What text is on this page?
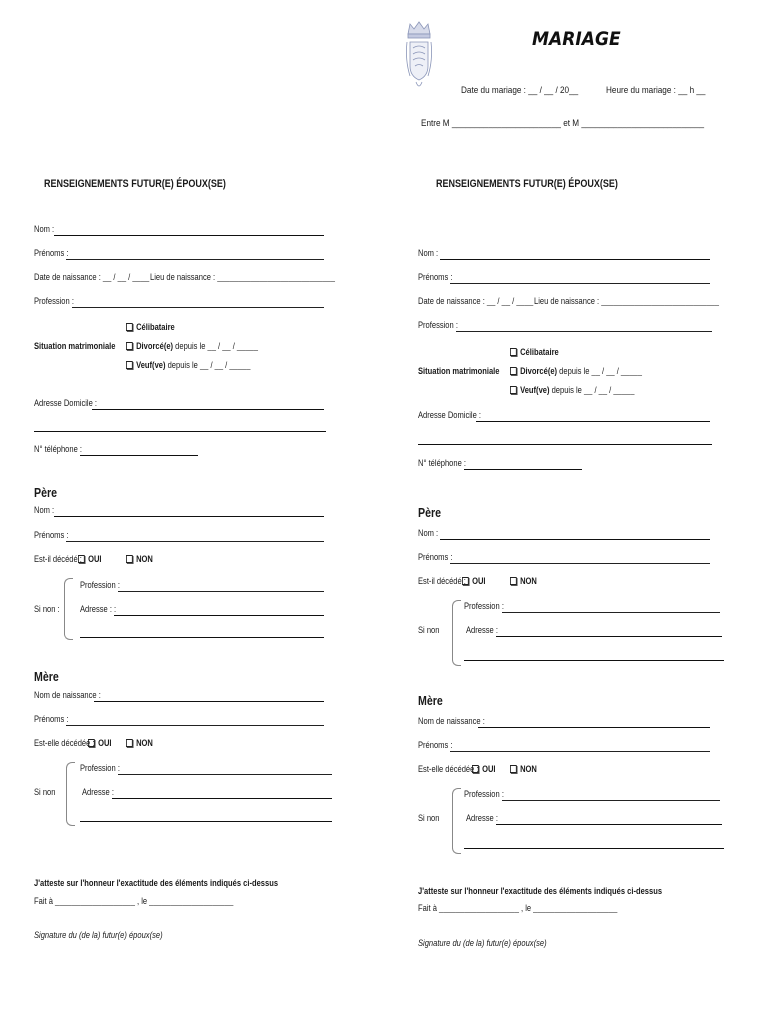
MARIAGE
Date du mariage : __ / __ / 20__	Heure du mariage : __ h __
Entre M ________________________ et M ___________________________
RENSEIGNEMENTS FUTUR(E) ÉPOUX(SE)
Nom :
Prénoms :
Date de naissance : __ / __ / ____ Lieu de naissance : ____________________________
Profession :
Situation matrimoniale
Célibataire
Divorcé(e) depuis le __ / __ / _____
Veuf(ve) depuis le __ / __ / _____
Adresse Domicile :
N° téléphone :
Père
Nom :
Prénoms :
Est-il décédé : OUI	NON
Profession :
Si non : Adresse : :
Mère
Nom de naissance :
Prénoms :
Est-elle décédée : OUI	NON
Profession :
Si non	Adresse :
J'atteste sur l'honneur l'exactitude des éléments indiqués ci-dessus
Fait à ___________________ , le ____________________
Signature du (de la) futur(e) époux(se)
RENSEIGNEMENTS FUTUR(E) ÉPOUX(SE)
Nom :
Prénoms :
Date de naissance : __ / __ / ____ Lieu de naissance : ____________________________
Profession :
Situation matrimoniale
Célibataire
Divorcé(e) depuis le __ / __ / _____
Veuf(ve) depuis le __ / __ / _____
Adresse Domicile :
N° téléphone :
Père
Nom :
Prénoms :
Est-il décédé : OUI	NON
Profession :
Si non	Adresse :
Mère
Nom de naissance :
Prénoms :
Est-elle décédée : OUI	NON
Profession :
Si non	Adresse :
J'atteste sur l'honneur l'exactitude des éléments indiqués ci-dessus
Fait à ___________________ , le ____________________
Signature du (de la) futur(e) époux(se)
